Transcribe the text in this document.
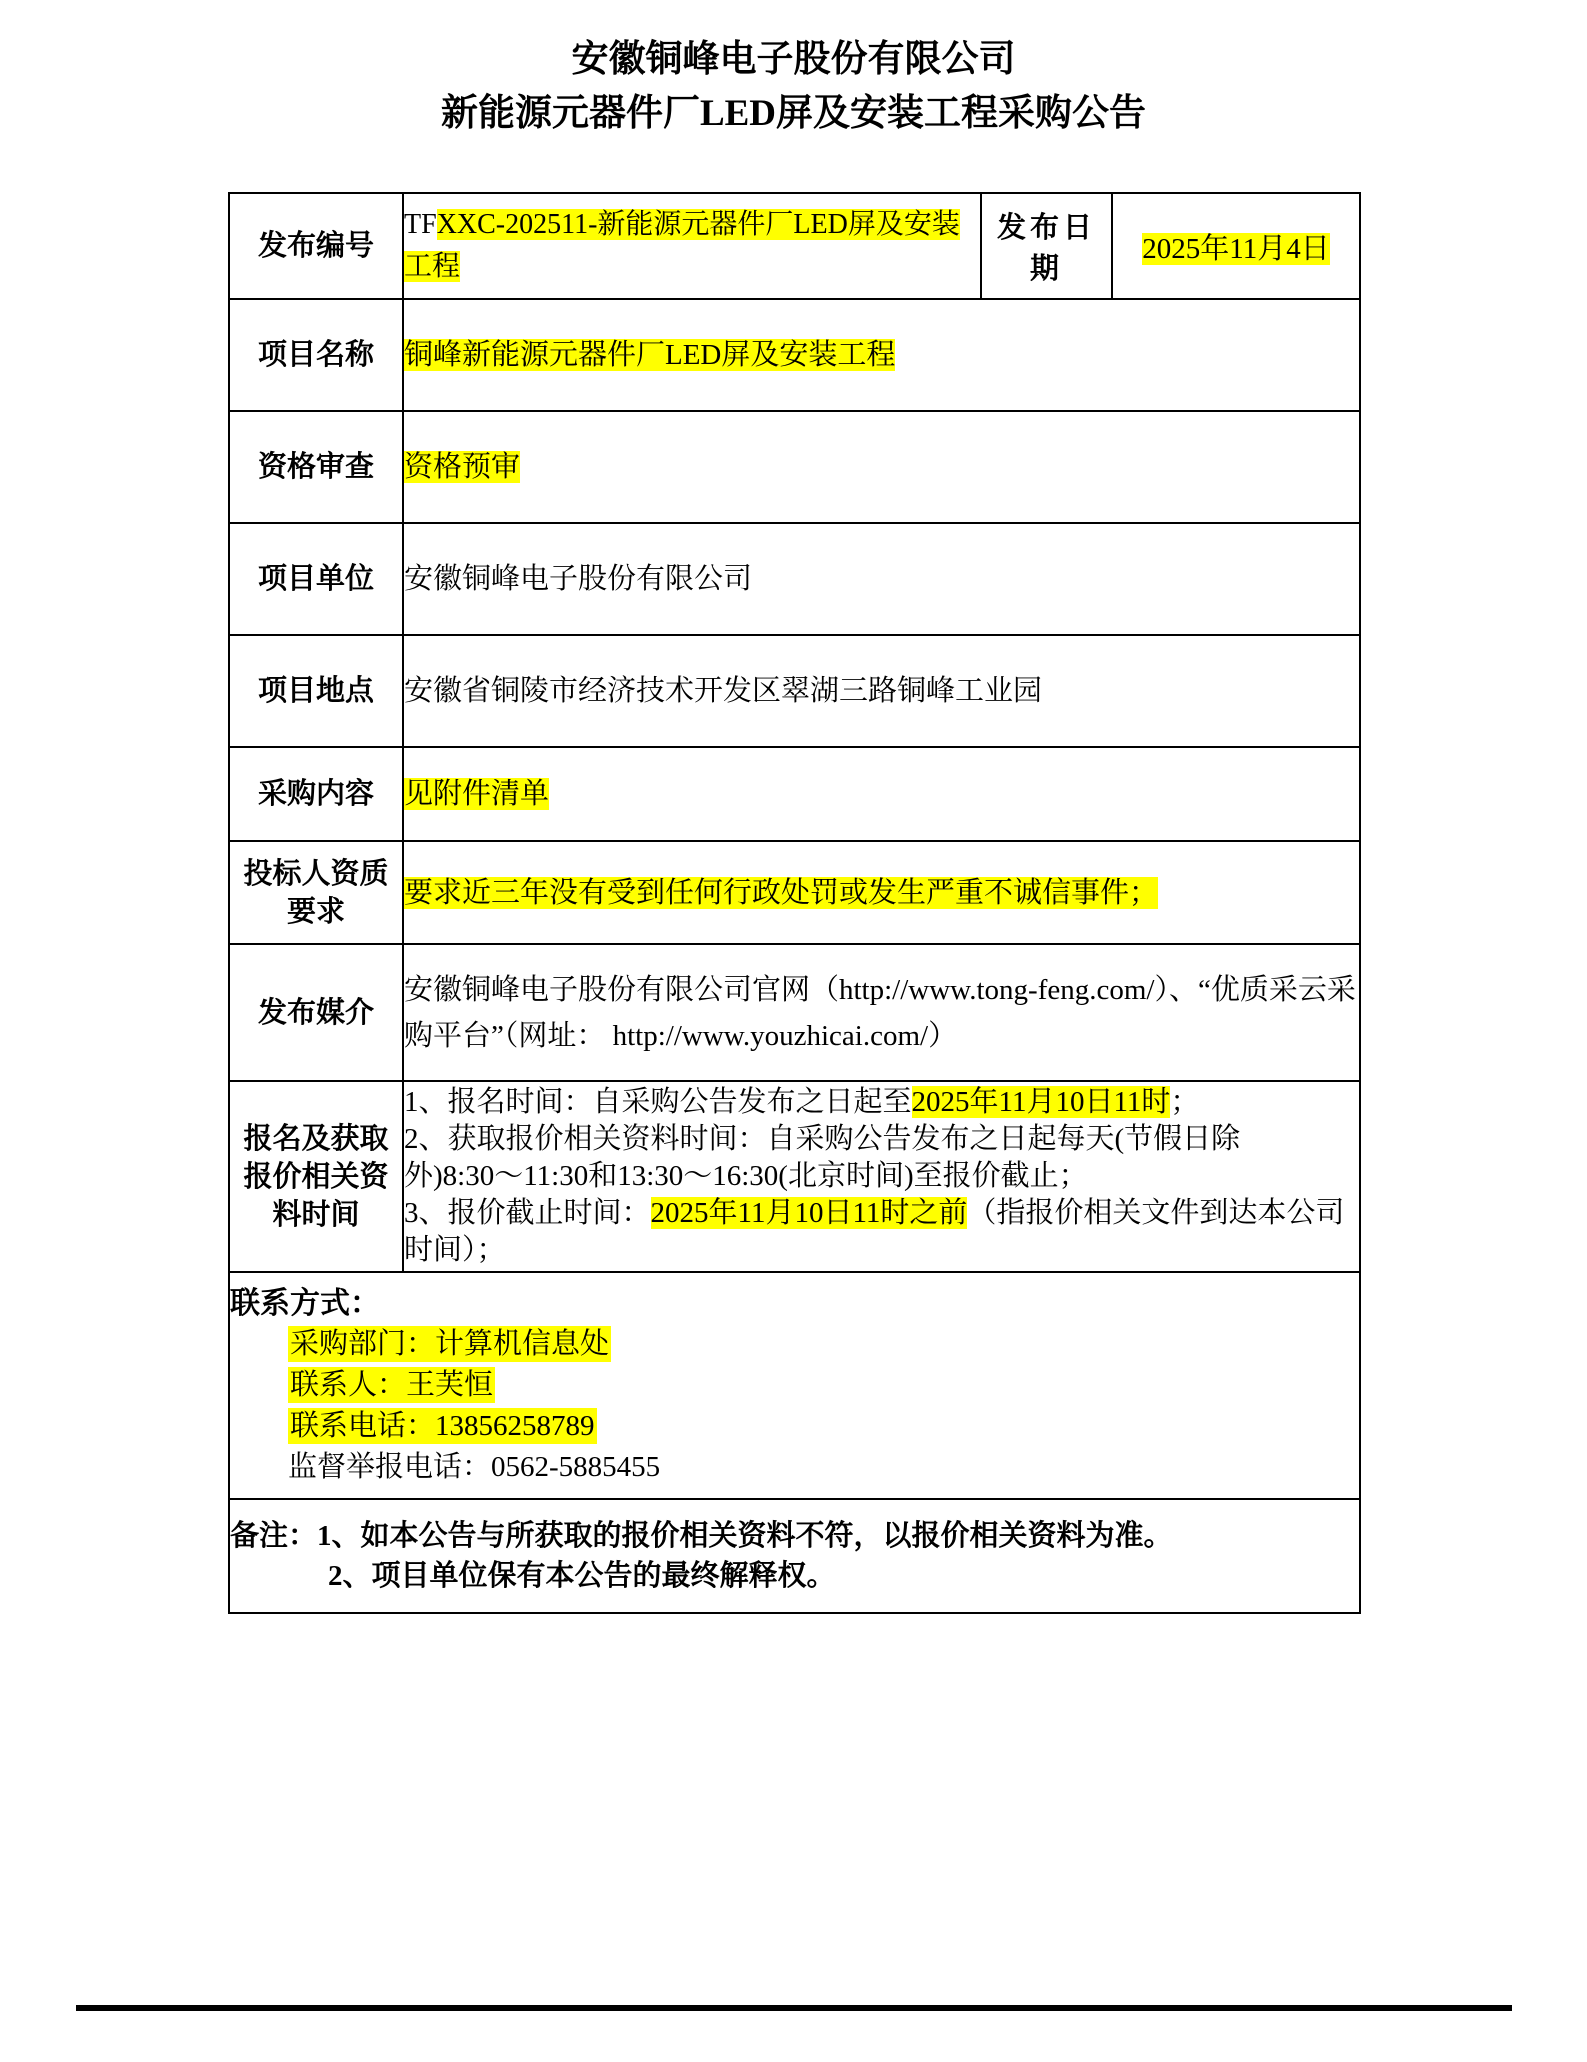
安徽铜峰电子股份有限公司
新能源元器件厂LED屏及安装工程采购公告
发布编号	TFXXC-202511-新能源元器件厂LED屏及安装工程	发布日期	2025年11月4日

项目名称	铜峰新能源元器件厂LED屏及安装工程		

资格审查	资格预审		

项目单位	安徽铜峰电子股份有限公司		

项目地点	安徽省铜陵市经济技术开发区翠湖三路铜峰工业园		

采购内容	见附件清单		

投标人资质要求	要求近三年没有受到任何行政处罚或发生严重不诚信事件；		

发布媒介	安徽铜峰电子股份有限公司官网（http://www.tong-feng.com/）、“优质采云采购平台”（网址： http://www.youzhicai.com/）		

报名及获取报价相关资料时间	1、报名时间：自采购公告发布之日起至2025年11月10日11时；
2、获取报价相关资料时间：自采购公告发布之日起每天(节假日除
外)8:30～11:30和13:30～16:30(北京时间)至报价截止；
3、报价截止时间：2025年11月10日11时之前（指报价相关文件到达本公司
时间）；		

联系方式：
采购部门：计算机信息处
联系人：王芙恒
联系电话：13856258789
监督举报电话：0562-5885455			

备注：1、如本公告与所获取的报价相关资料不符，以报价相关资料为准。
2、项目单位保有本公告的最终解释权。			
